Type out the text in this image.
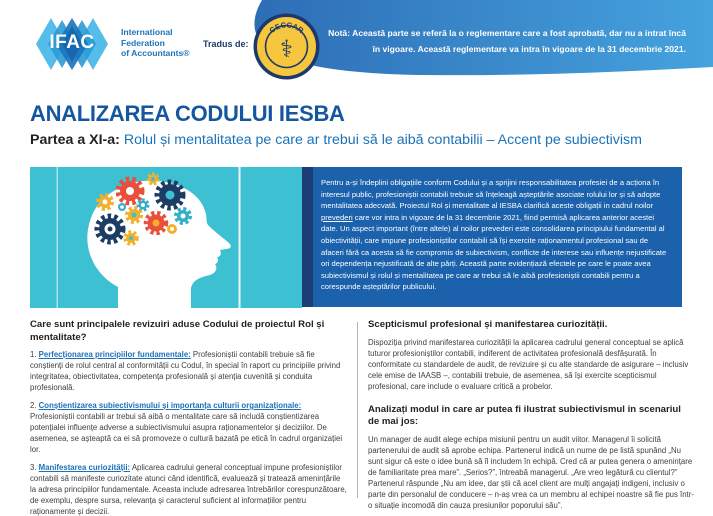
Notă: Această parte se referă la o reglementare care a fost aprobată, dar nu a intrat încă în vigoare. Această reglementare va intra în vigoare de la 31 decembrie 2021.
IFAC	International
Federation
of Accountants®
Tradus de:
CECCAR
⚕
ANALIZAREA CODULUI IESBA
Partea a XI-a: Rolul și mentalitatea pe care ar trebui să le aibă contabilii – Accent pe subiectivism
Pentru a-și îndeplini obligațiile conform Codului și a sprijini responsabilitatea profesiei de a acționa în interesul public, profesioniștii contabili trebuie să înțeleagă așteptările asociate rolului lor și să adopte mentalitatea adecvată. Proiectul Rol și mentalitate al IESBA clarifică aceste obligații in cadrul noilor prevederi care vor intra in vigoare de la 31 decembrie 2021, fiind permisă aplicarea anterior acestei date. Un aspect important (între altele) al noilor prevederi este consolidarea principiului fundamental al obiectivității, care impune profesioniștilor contabili să își exercite raționamentul profesional sau de afaceri fără ca acesta să fie compromis de subiectivism, conflicte de interese sau influențe nejustificate ori dependența nejustificată de alte părți. Această parte evidențiază efectele pe care le poate avea subiectivismul și rolul și mentalitatea pe care ar trebui să le aibă profesioniștii contabili pentru a corespunde așteptărilor publicului.
Care sunt principalele revizuiri aduse Codului de proiectul Rol și mentalitate?

1. Perfecționarea principiilor fundamentale: Profesioniștii contabili trebuie să fie conștienți de rolul central al conformității cu Codul, în special în raport cu principiile privind integritatea, obiectivitatea, competența profesională și atenția cuvenită și conduita profesională.

2. Conștientizarea subiectivismului și importanța culturii organizaționale: Profesioniștii contabili ar trebui să aibă o mentalitate care să includă conștientizarea potențialei influențe adverse a subiectivismului asupra raționamentelor și deciziilor. De asemenea, se așteaptă ca ei să promoveze o cultură bazată pe etică în cadrul organizației lor.

3. Manifestarea curiozității: Aplicarea cadrului general conceptual impune profesioniștilor contabili să manifeste curiozitate atunci când identifică, evaluează și tratează amenințările la adresa principiilor fundamentale. Aceasta include adresarea întrebărilor corespunzătoare, de exemplu, despre sursa, relevanța și caracterul suficient al informațiilor pentru raționamente și decizii.

Scepticismul profesional și manifestarea curiozității.

Dispoziția privind manifestarea curiozității la aplicarea cadrului general conceptual se aplică tuturor profesioniștilor contabili, indiferent de activitatea profesională desfășurată. În conformitate cu standardele de audit, de revizuire și cu alte standarde de asigurare – inclusiv cele emise de IAASB –, contabilii trebuie, de asemenea, să își exercite scepticismul profesional, care include o evaluare critică a probelor.

Analizați modul in care ar putea fi ilustrat subiectivismul in scenariul de mai jos:

Un manager de audit alege echipa misiunii pentru un audit viitor. Managerul îi solicită partenerului de audit să aprobe echipa. Partenerul indică un nume de pe listă spunând „Nu sunt sigur că este o idee bună să îl includem în echipă. Cred că ar putea genera o amenințare de familiaritate prea mare”. „Serios?”, întreabă managerul. „Are vreo legătură cu clientul?” Partenerul răspunde „Nu am idee, dar știi că acel client are mulți angajați indigeni, inclusiv o parte din personalul de conducere – n-aș vrea ca un membru al echipei noastre să fie pus într-o situație incomodă din cauza presiunilor poporului său”.
